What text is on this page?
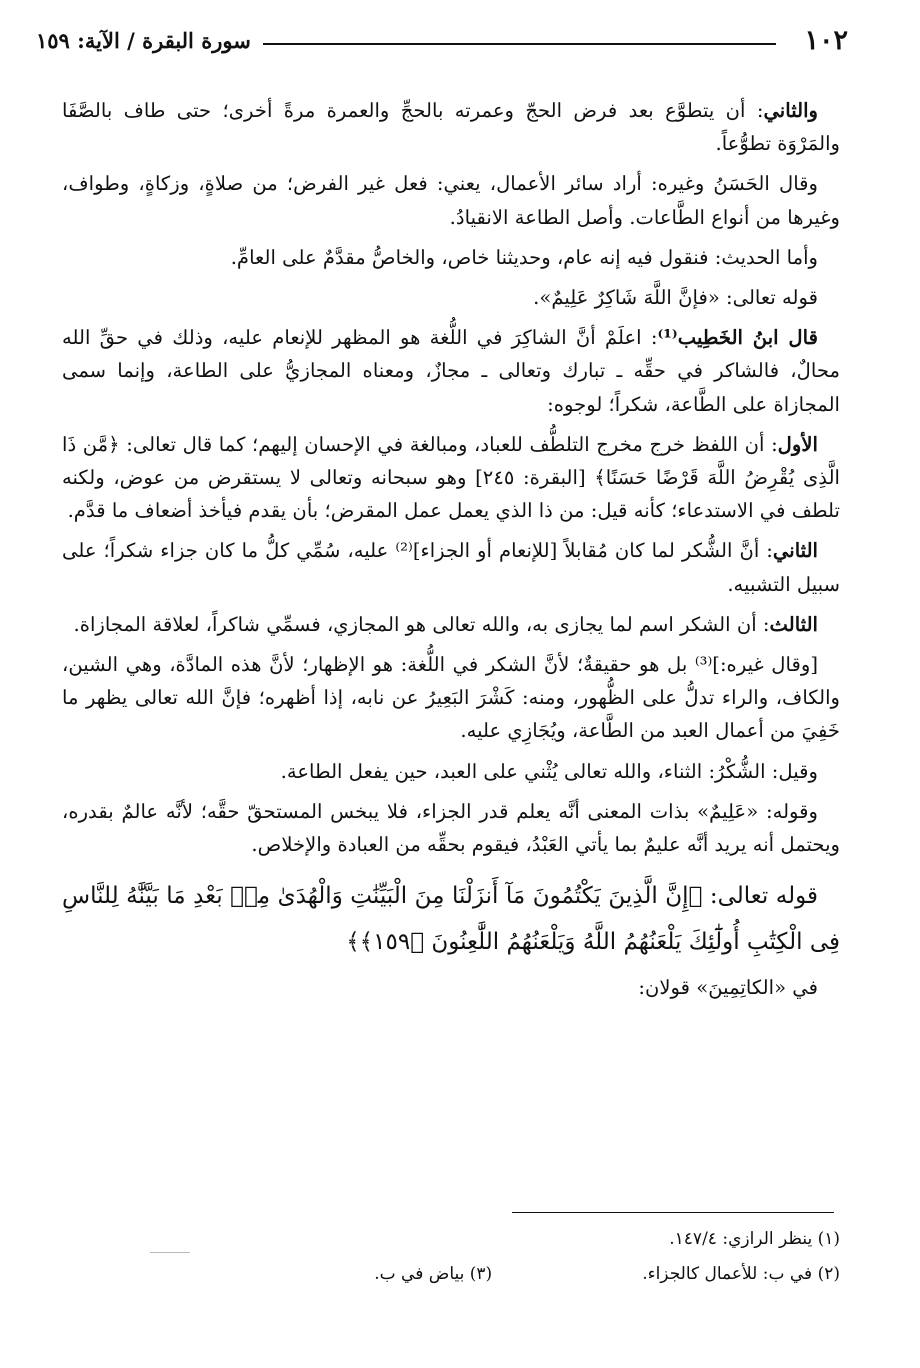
١٠٢
سورة البقرة / الآية: ١٥٩

والثاني: أن يتطوَّع بعد فرض الحجّ وعمرته بالحجِّ والعمرة مرةً أخرى؛ حتى طاف بالصَّفَا والمَرْوَة تطوُّعاً.

وقال الحَسَنُ وغيره: أراد سائر الأعمال، يعني: فعل غير الفرض؛ من صلاةٍ، وزكاةٍ، وطواف، وغيرها من أنواع الطَّاعات. وأصل الطاعة الانقيادُ.

وأما الحديث: فنقول فيه إنه عام، وحديثنا خاص، والخاصُّ مقدَّمٌ على العامِّ.

قوله تعالى: «فإنَّ اللَّهَ شَاكِرٌ عَلِيمٌ».

قال ابنُ الخَطِيب⁽¹⁾: اعلَمْ أنَّ الشاكِرَ في اللُّغة هو المظهر للإنعام عليه، وذلك في حقِّ الله محالٌ، فالشاكر في حقِّه ـ تبارك وتعالى ـ مجازٌ، ومعناه المجازيُّ على الطاعة، وإنما سمى المجازاة على الطَّاعة، شكراً؛ لوجوه:

الأول: أن اللفظ خرج مخرج التلطُّف للعباد، ومبالغة في الإحسان إليهم؛ كما قال تعالى: ﴿مَّن ذَا الَّذِى يُقْرِضُ اللَّهَ قَرْضًا حَسَنًا﴾ [البقرة: ٢٤٥] وهو سبحانه وتعالى لا يستقرض من عوض، ولكنه تلطف في الاستدعاء؛ كأنه قيل: من ذا الذي يعمل عمل المقرض؛ بأن يقدم فيأخذ أضعاف ما قدَّم.

الثاني: أنَّ الشُّكر لما كان مُقابلاً [للإنعام أو الجزاء]⁽²⁾ عليه، سُمِّي كلُّ ما كان جزاء شكراً؛ على سبيل التشبيه.

الثالث: أن الشكر اسم لما يجازى به، والله تعالى هو المجازي، فسمِّي شاكراً، لعلاقة المجازاة.

[وقال غيره:]⁽³⁾ بل هو حقيقةٌ؛ لأنَّ الشكر في اللُّغة: هو الإظهار؛ لأنَّ هذه المادَّة، وهي الشين، والكاف، والراء تدلُّ على الظُّهور، ومنه: كَشْرَ البَعِيرُ عن نابه، إذا أظهره؛ فإنَّ الله تعالى يظهر ما خَفِيَ من أعمال العبد من الطَّاعة، ويُجَازِي عليه.

وقيل: الشُّكْرُ: الثناء، والله تعالى يُثْني على العبد، حين يفعل الطاعة.

وقوله: «عَلِيمٌ» بذات المعنى أنَّه يعلم قدر الجزاء، فلا يبخس المستحقّ حقَّه؛ لأنَّه عالمٌ بقدره، ويحتمل أنه يريد أنَّه عليمٌ بما يأتي العَبْدُ، فيقوم بحقِّه من العبادة والإخلاص.

قوله تعالى: ﴿إِنَّ الَّذِينَ يَكْتُمُونَ مَآ أَنزَلْنَا مِنَ الْبَيِّنَٰتِ وَالْهُدَىٰ مِنۢ بَعْدِ مَا بَيَّنَّٰهُ لِلنَّاسِ فِى الْكِتَٰبِ أُولَٰٓئِكَ يَلْعَنُهُمُ اللَّهُ وَيَلْعَنُهُمُ اللَّٰعِنُونَ ﴿١٥٩﴾﴾

في «الكاتِمِينَ» قولان:

(١) ينظر الرازي: ١٤٧/٤.
(٢) في ب: للأعمال كالجزاء.
(٣) بياض في ب.
